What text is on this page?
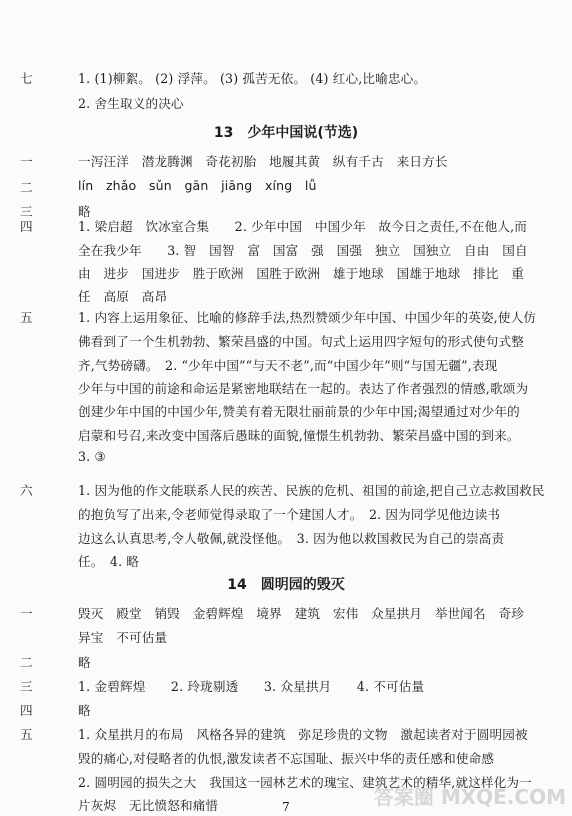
七	1. (1)柳絮。 (2) 浮萍。 (3) 孤苦无依。 (4) 红心,比喻忠心。
2. 舍生取义的决心
13　少年中国说(节选)
一	一泻汪洋　潜龙腾渊　奇花初胎　地履其黄　纵有千古　来日方长
二	lín　zhǎo　sǔn　gān　jiāng　xíng　lǚ
三	略
四	1. 梁启超　饮冰室合集　　2. 少年中国　中国少年　故今日之责任,不在他人,而
全在我少年　　3. 智　国智　富　国富　强　国强　独立　国独立　自由　国自
由　进步　国进步　胜于欧洲　国胜于欧洲　雄于地球　国雄于地球　排比　重
任　高原　高昂
五	1. 内容上运用象征、比喻的修辞手法,热烈赞颂少年中国、中国少年的英姿,使人仿
佛看到了一个生机勃勃、繁荣昌盛的中国。句式上运用四字短句的形式使句式整
齐,气势磅礴。　2. “少年中国”“与天不老”,而“中国少年”则“与国无疆”,表现
少年与中国的前途和命运是紧密地联结在一起的。表达了作者强烈的情感,歌颂为
创建少年中国的中国少年,赞美有着无限壮丽前景的少年中国;渴望通过对少年的
启蒙和号召,来改变中国落后愚昧的面貌,憧憬生机勃勃、繁荣昌盛中国的到来。
3. ③
六	1. 因为他的作文能联系人民的疾苦、民族的危机、祖国的前途,把自己立志救国救民
的抱负写了出来,令老师觉得录取了一个建国人才。　2. 因为同学见他边读书
边这么认真思考,令人敬佩,就没怪他。　3. 因为他以救国救民为自己的崇高责
任。　4. 略
14　圆明园的毁灭
一	毁灭　殿堂　销毁　金碧辉煌　境界　建筑　宏伟　众星拱月　举世闻名　奇珍
异宝　不可估量
二	略
三	1. 金碧辉煌　　2. 玲珑剔透　　3. 众星拱月　　4. 不可估量
四	略
五	1. 众星拱月的布局　风格各异的建筑　弥足珍贵的文物　激起读者对于圆明园被
毁的痛心,对侵略者的仇恨,激发读者不忘国耻、振兴中华的责任感和使命感
2. 圆明园的损失之大　我国这一园林艺术的瑰宝、建筑艺术的精华,就这样化为一
片灰烬　无比愤怒和痛惜	7	答案圈 MXQE.COM
